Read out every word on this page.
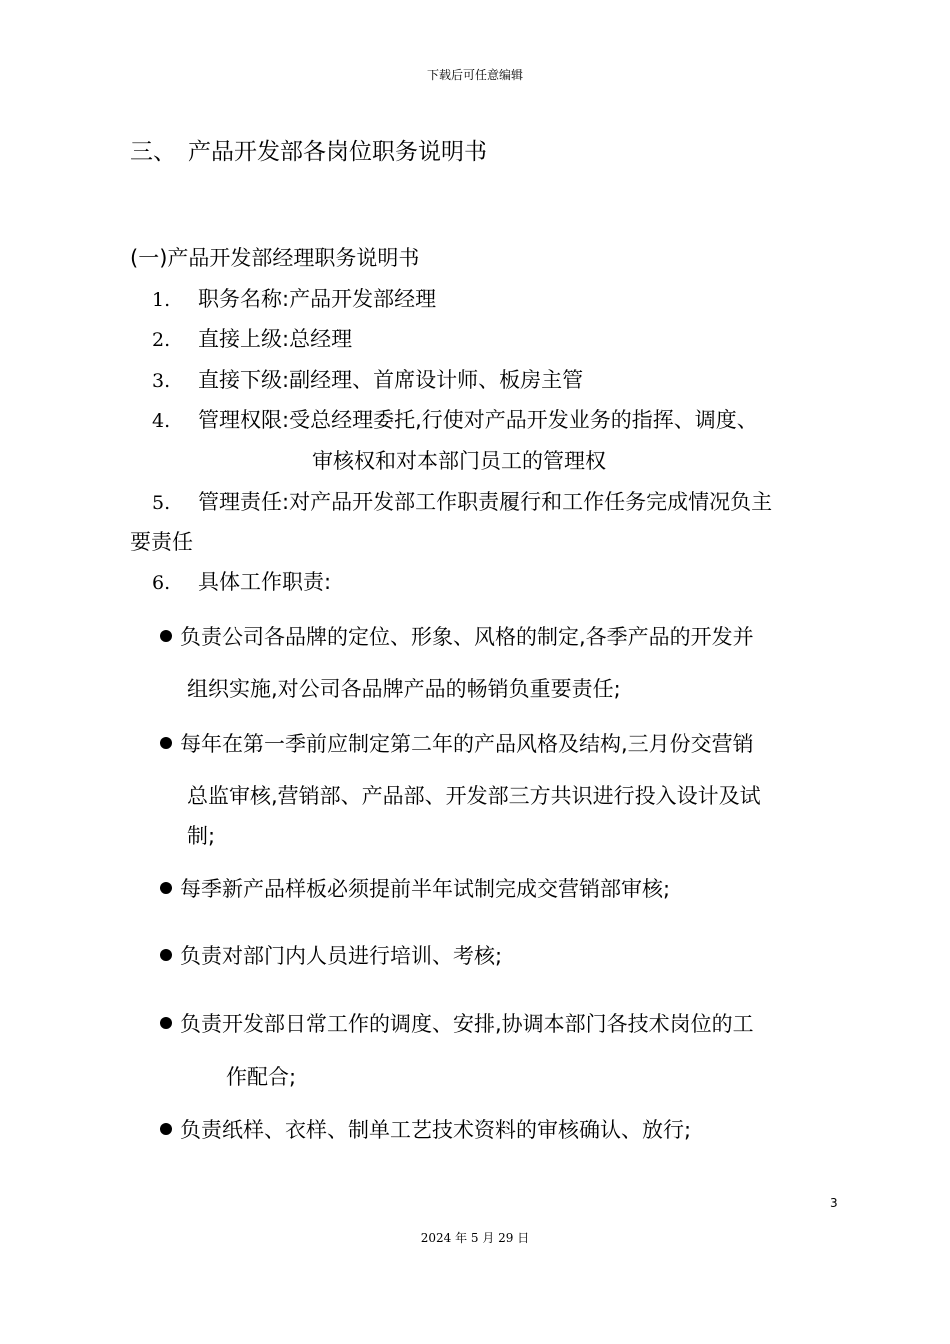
下载后可任意编辑
三、 产品开发部各岗位职务说明书
(一)产品开发部经理职务说明书
1. 职务名称:产品开发部经理
2. 直接上级:总经理
3. 直接下级:副经理、首席设计师、板房主管
4. 管理权限:受总经理委托,行使对产品开发业务的指挥、调度、
审核权和对本部门员工的管理权
5. 管理责任:对产品开发部工作职责履行和工作任务完成情况负主
要责任
6. 具体工作职责:
负责公司各品牌的定位、形象、风格的制定,各季产品的开发并
组织实施,对公司各品牌产品的畅销负重要责任;
每年在第一季前应制定第二年的产品风格及结构,三月份交营销
总监审核,营销部、产品部、开发部三方共识进行投入设计及试
制;
每季新产品样板必须提前半年试制完成交营销部审核;
负责对部门内人员进行培训、考核;
负责开发部日常工作的调度、安排,协调本部门各技术岗位的工
作配合;
负责纸样、衣样、制单工艺技术资料的审核确认、放行;
3
2024 年 5 月 29 日
